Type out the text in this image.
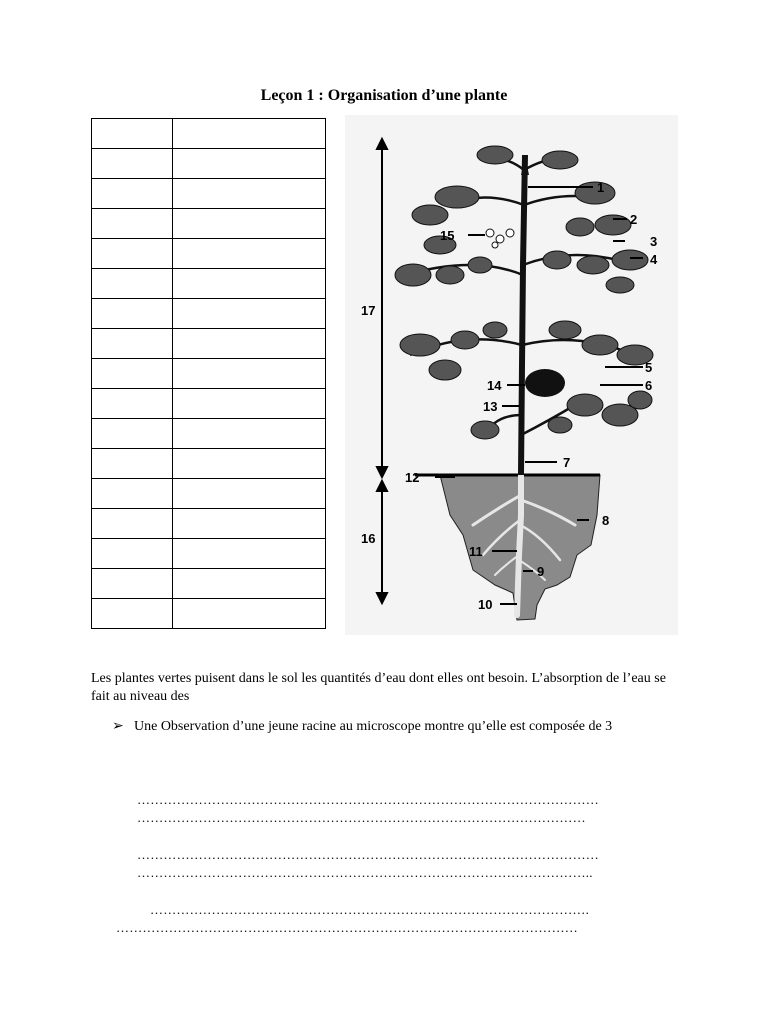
Leçon 1 : Organisation d’une plante

1
2
3
4
5
6
7
8
9
10
11
12
13
14
15
16
17
Les plantes vertes puisent dans le sol les quantités d’eau dont elles ont besoin. L’absorption de l’eau se fait au niveau des
➢ Une Observation d’une jeune racine au microscope montre qu’elle est composée de 3
……………………………………………………………………………………………
…………………………………………………………………………………………
……………………………………………………………………………………………
…………………………………………………………………………………………..
……………………………………………………………………………………….
……………………………………………………………………………………………
